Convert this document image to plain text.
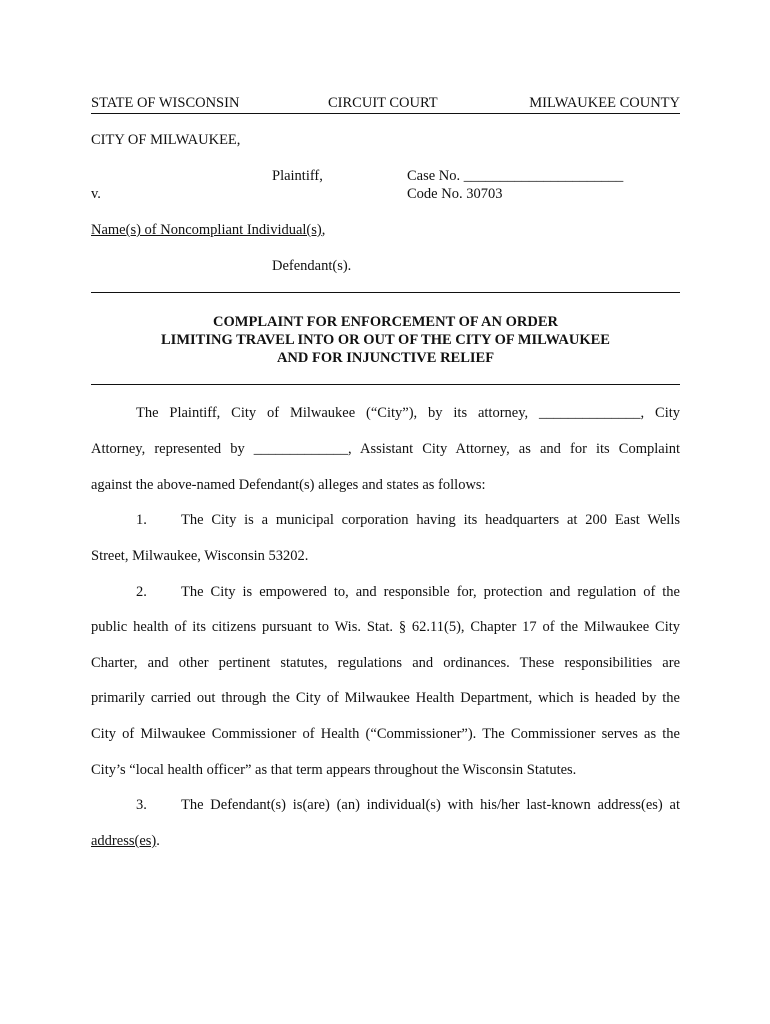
STATE OF WISCONSIN	CIRCUIT COURT	MILWAUKEE COUNTY
CITY OF MILWAUKEE,
Plaintiff,	Case No. ______________________
v.	Code No. 30703
Name(s) of Noncompliant Individual(s),
Defendant(s).
COMPLAINT FOR ENFORCEMENT OF AN ORDER
LIMITING TRAVEL INTO OR OUT OF THE CITY OF MILWAUKEE
AND FOR INJUNCTIVE RELIEF
The Plaintiff, City of Milwaukee (“City”), by its attorney, ______________, City
Attorney, represented by _____________, Assistant City Attorney, as and for its Complaint
against the above-named Defendant(s) alleges and states as follows:
1. The City is a municipal corporation having its headquarters at 200 East Wells
Street, Milwaukee, Wisconsin 53202.
2. The City is empowered to, and responsible for, protection and regulation of the
public health of its citizens pursuant to Wis. Stat. § 62.11(5), Chapter 17 of the Milwaukee City
Charter, and other pertinent statutes, regulations and ordinances. These responsibilities are
primarily carried out through the City of Milwaukee Health Department, which is headed by the
City of Milwaukee Commissioner of Health (“Commissioner”). The Commissioner serves as the
City’s “local health officer” as that term appears throughout the Wisconsin Statutes.
3. The Defendant(s) is(are) (an) individual(s) with his/her last-known address(es) at
address(es).
